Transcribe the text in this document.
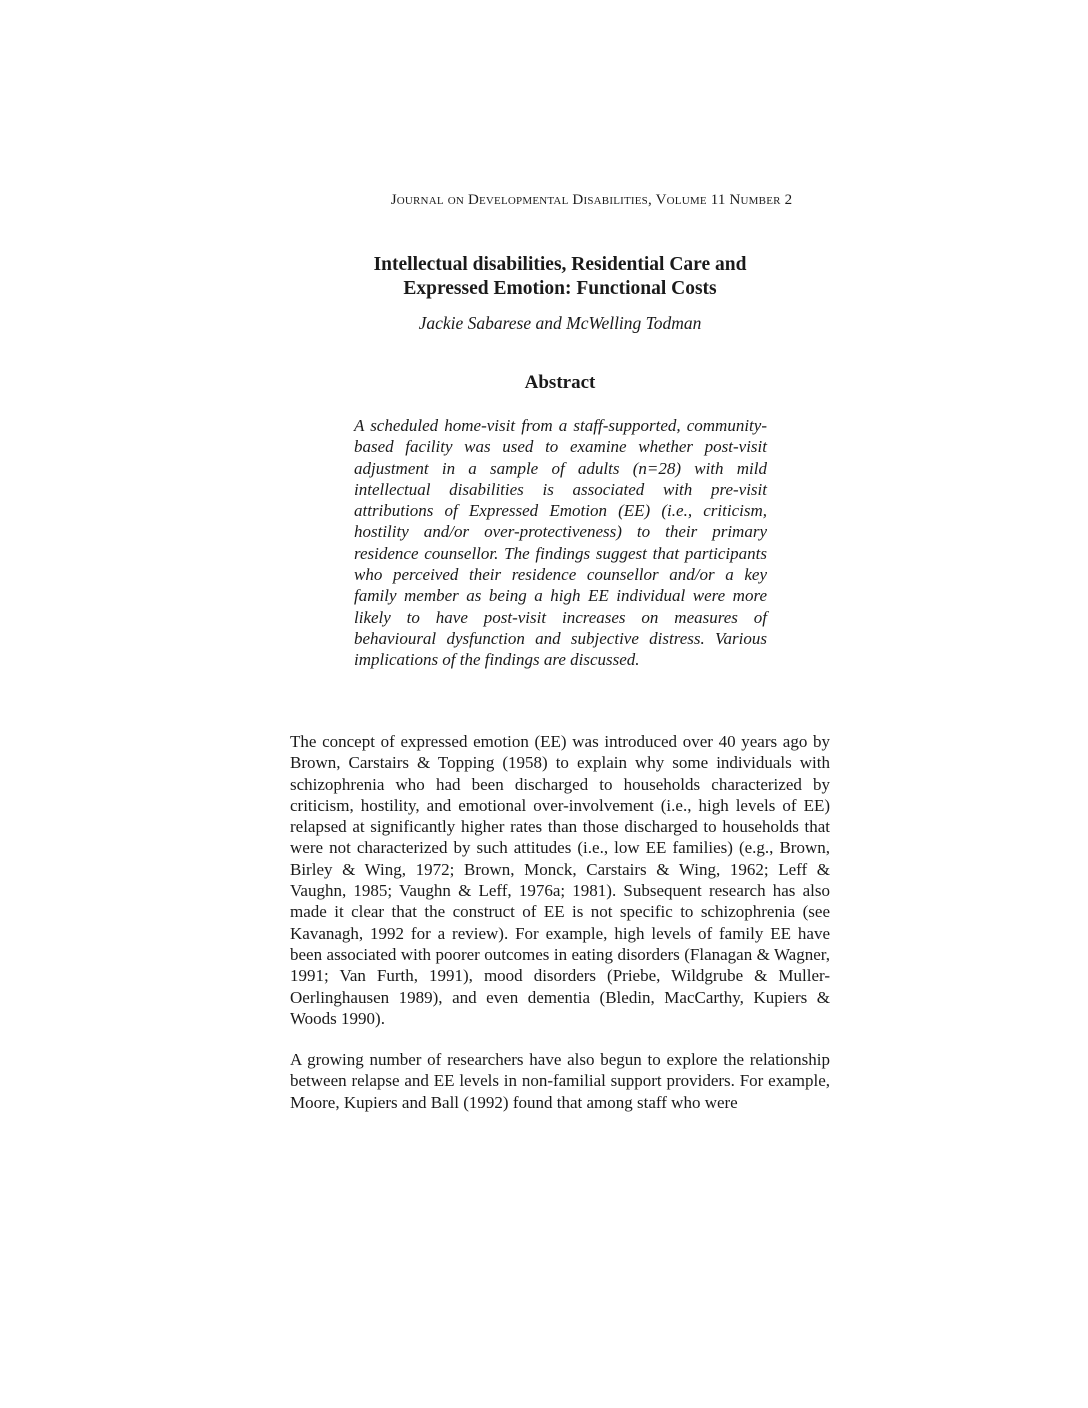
Journal on Developmental Disabilities, Volume 11 Number 2
Intellectual disabilities, Residential Care and
Expressed Emotion: Functional Costs
Jackie Sabarese and McWelling Todman
Abstract

A scheduled home-visit from a staff-supported, community-based facility was used to examine whether post-visit adjustment in a sample of adults (n=28) with mild intellectual disabilities is associated with pre-visit attributions of Expressed Emotion (EE) (i.e., criticism, hostility and/or over-protectiveness) to their primary residence counsellor. The findings suggest that participants who perceived their residence counsellor and/or a key family member as being a high EE individual were more likely to have post-visit increases on measures of behavioural dysfunction and subjective distress. Various implications of the findings are discussed.

The concept of expressed emotion (EE) was introduced over 40 years ago by Brown, Carstairs & Topping (1958) to explain why some individuals with schizophrenia who had been discharged to households characterized by criticism, hostility, and emotional over-involvement (i.e., high levels of EE) relapsed at significantly higher rates than those discharged to households that were not characterized by such attitudes (i.e., low EE families) (e.g., Brown, Birley & Wing, 1972; Brown, Monck, Carstairs & Wing, 1962; Leff & Vaughn, 1985; Vaughn & Leff, 1976a; 1981). Subsequent research has also made it clear that the construct of EE is not specific to schizophrenia (see Kavanagh, 1992 for a review). For example, high levels of family EE have been associated with poorer outcomes in eating disorders (Flanagan & Wagner, 1991; Van Furth, 1991), mood disorders (Priebe, Wildgrube & Muller-Oerlinghausen 1989), and even dementia (Bledin, MacCarthy, Kupiers & Woods 1990).

A growing number of researchers have also begun to explore the relationship between relapse and EE levels in non-familial support providers. For example, Moore, Kupiers and Ball (1992) found that among staff who were
